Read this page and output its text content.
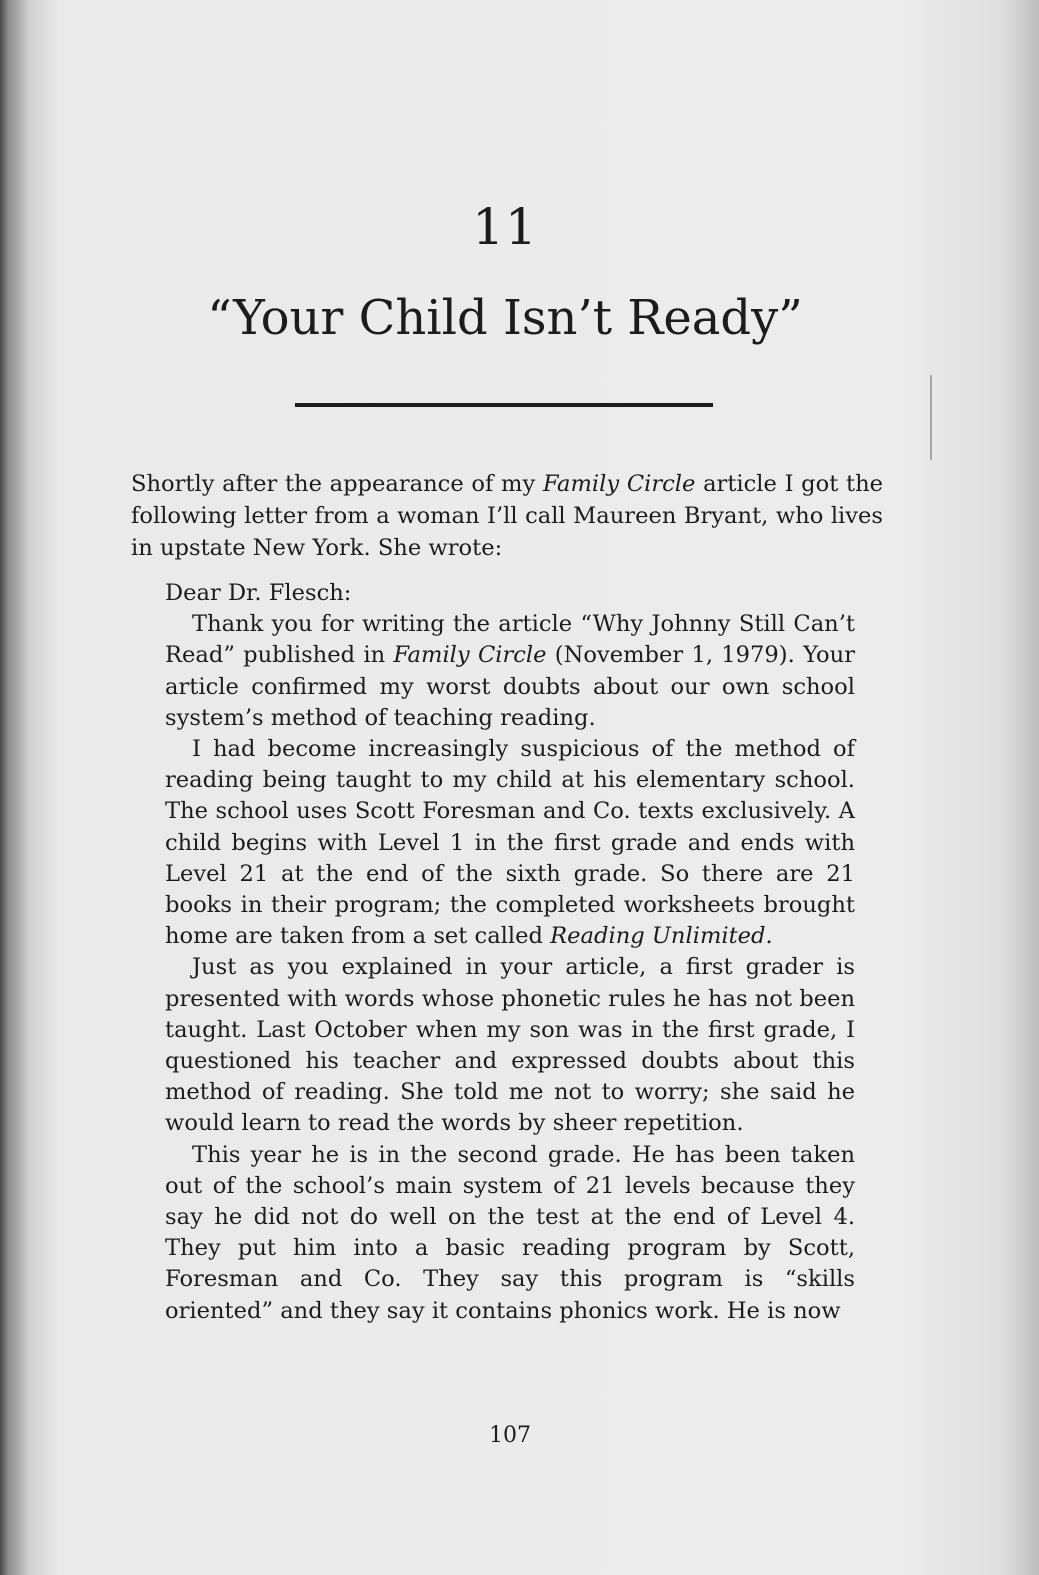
11
“Your Child Isn’t Ready”
Shortly after the appearance of my Family Circle article I got the following letter from a woman I’ll call Maureen Bryant, who lives in upstate New York. She wrote:

Dear Dr. Flesch:

Thank you for writing the article “Why Johnny Still Can’t Read” published in Family Circle (November 1, 1979). Your article confirmed my worst doubts about our own school system’s method of teaching reading.

I had become increasingly suspicious of the method of reading being taught to my child at his elementary school. The school uses Scott Foresman and Co. texts exclusively. A child begins with Level 1 in the first grade and ends with Level 21 at the end of the sixth grade. So there are 21 books in their program; the completed worksheets brought home are taken from a set called Reading Unlimited.

Just as you explained in your article, a first grader is presented with words whose phonetic rules he has not been taught. Last October when my son was in the first grade, I questioned his teacher and expressed doubts about this method of reading. She told me not to worry; she said he would learn to read the words by sheer repetition.

This year he is in the second grade. He has been taken out of the school’s main system of 21 levels because they say he did not do well on the test at the end of Level 4. They put him into a basic reading program by Scott, Foresman and Co. They say this program is “skills oriented” and they say it contains phonics work. He is now

107
